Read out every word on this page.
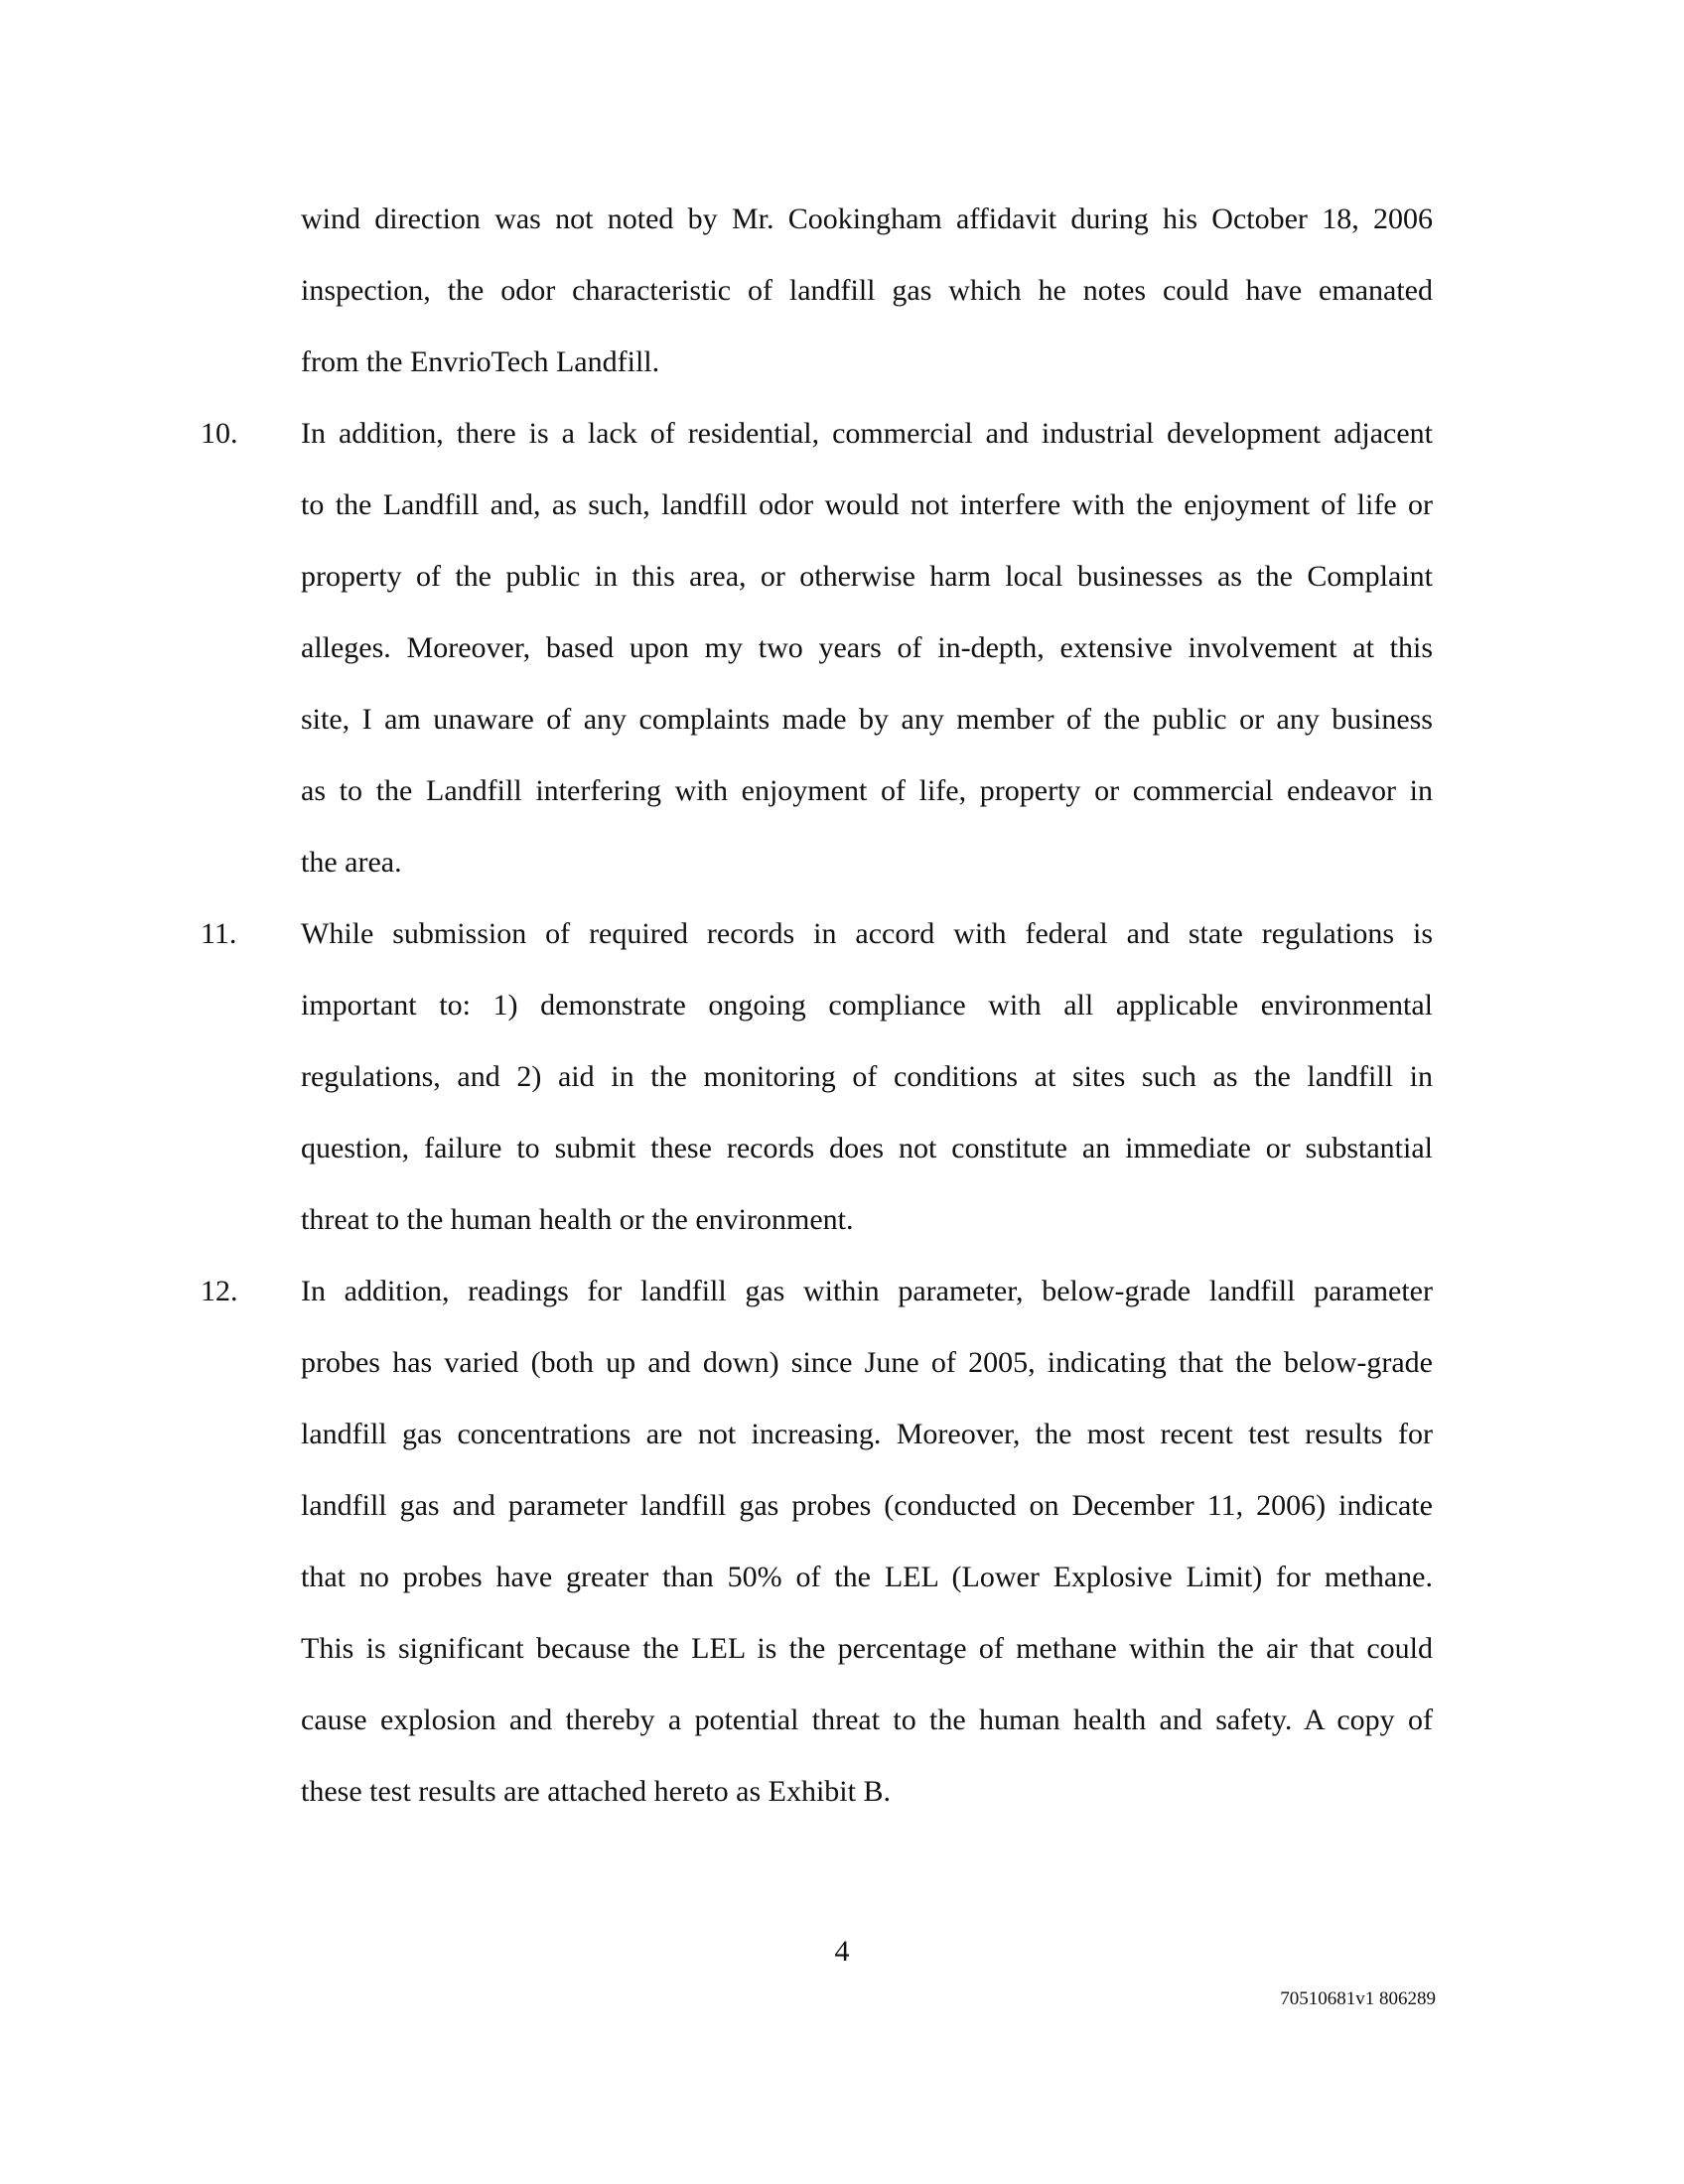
wind direction was not noted by Mr. Cookingham affidavit during his October 18, 2006
inspection, the odor characteristic of landfill gas which he notes could have emanated
from the EnvrioTech Landfill.
10. In addition, there is a lack of residential, commercial and industrial development adjacent
to the Landfill and, as such, landfill odor would not interfere with the enjoyment of life or
property of the public in this area, or otherwise harm local businesses as the Complaint
alleges. Moreover, based upon my two years of in-depth, extensive involvement at this
site, I am unaware of any complaints made by any member of the public or any business
as to the Landfill interfering with enjoyment of life, property or commercial endeavor in
the area.
11. While submission of required records in accord with federal and state regulations is
important to: 1) demonstrate ongoing compliance with all applicable environmental
regulations, and 2) aid in the monitoring of conditions at sites such as the landfill in
question, failure to submit these records does not constitute an immediate or substantial
threat to the human health or the environment.
12. In addition, readings for landfill gas within parameter, below-grade landfill parameter
probes has varied (both up and down) since June of 2005, indicating that the below-grade
landfill gas concentrations are not increasing. Moreover, the most recent test results for
landfill gas and parameter landfill gas probes (conducted on December 11, 2006) indicate
that no probes have greater than 50% of the LEL (Lower Explosive Limit) for methane.
This is significant because the LEL is the percentage of methane within the air that could
cause explosion and thereby a potential threat to the human health and safety. A copy of
these test results are attached hereto as Exhibit B.
4
70510681v1 806289
